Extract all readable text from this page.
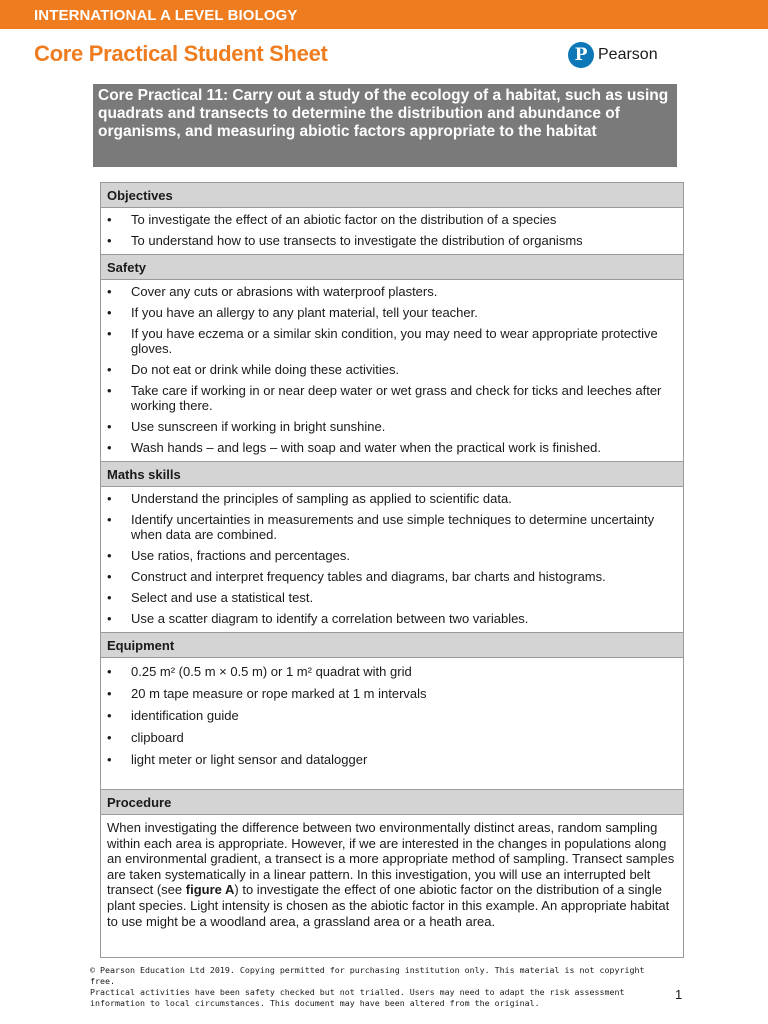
INTERNATIONAL A LEVEL BIOLOGY
Core Practical Student Sheet	P Pearson
Core Practical 11: Carry out a study of the ecology of a habitat, such as using quadrats and transects to determine the distribution and abundance of organisms, and measuring abiotic factors appropriate to the habitat
Objectives
•	To investigate the effect of an abiotic factor on the distribution of a species
•	To understand how to use transects to investigate the distribution of organisms
Safety
•	Cover any cuts or abrasions with waterproof plasters.
•	If you have an allergy to any plant material, tell your teacher.
•	If you have eczema or a similar skin condition, you may need to wear appropriate protective gloves.
•	Do not eat or drink while doing these activities.
•	Take care if working in or near deep water or wet grass and check for ticks and leeches after working there.
•	Use sunscreen if working in bright sunshine.
•	Wash hands – and legs – with soap and water when the practical work is finished.
Maths skills
•	Understand the principles of sampling as applied to scientific data.
•	Identify uncertainties in measurements and use simple techniques to determine uncertainty when data are combined.
•	Use ratios, fractions and percentages.
•	Construct and interpret frequency tables and diagrams, bar charts and histograms.
•	Select and use a statistical test.
•	Use a scatter diagram to identify a correlation between two variables.
Equipment
•	0.25 m² (0.5 m × 0.5 m) or 1 m² quadrat with grid
•	20 m tape measure or rope marked at 1 m intervals
•	identification guide
•	clipboard
•	light meter or light sensor and datalogger
Procedure

When investigating the difference between two environmentally distinct areas, random sampling within each area is appropriate. However, if we are interested in the changes in populations along an environmental gradient, a transect is a more appropriate method of sampling. Transect samples are taken systematically in a linear pattern. In this investigation, you will use an interrupted belt transect (see figure A) to investigate the effect of one abiotic factor on the distribution of a single plant species. Light intensity is chosen as the abiotic factor in this example. An appropriate habitat to use might be a woodland area, a grassland area or a heath area.

© Pearson Education Ltd 2019. Copying permitted for purchasing institution only. This material is not copyright free.
Practical activities have been safety checked but not trialled. Users may need to adapt the risk assessment
information to local circumstances. This document may have been altered from the original.
1
